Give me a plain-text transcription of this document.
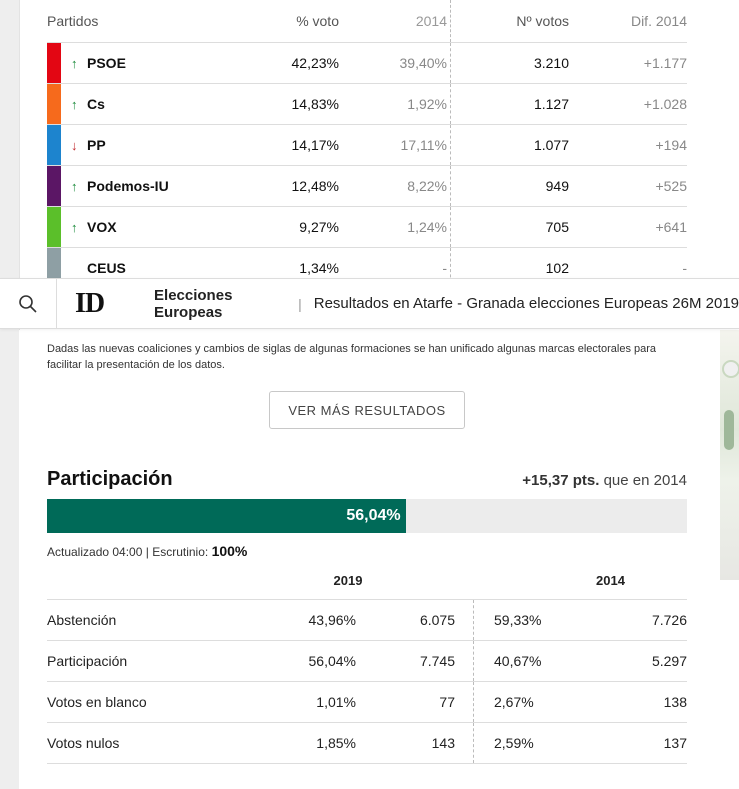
Partidos	% voto	2014	Nº votos	Dif. 2014
↑ PSOE	42,23%	39,40%	3.210	+1.177
↑ Cs	14,83%	1,92%	1.127	+1.028
↓ PP	14,17%	17,11%	1.077	+194
↑ Podemos-IU	12,48%	8,22%	949	+525
↑ VOX	9,27%	1,24%	705	+641
CEUS	1,34%	-	102	-
ID	Elecciones Europeas	| Resultados en Atarfe - Granada elecciones Europeas 26M 2019
Dadas las nuevas coaliciones y cambios de siglas de algunas formaciones se han unificado algunas marcas electorales para facilitar la presentación de los datos.
VER MÁS RESULTADOS
Participación	+15,37 pts. que en 2014
56,04%
Actualizado 04:00 | Escrutinio: 100%
2019	2014
Abstención	43,96%	6.075	59,33%	7.726
Participación	56,04%	7.745	40,67%	5.297
Votos en blanco	1,01%	77	2,67%	138
Votos nulos	1,85%	143	2,59%	137
